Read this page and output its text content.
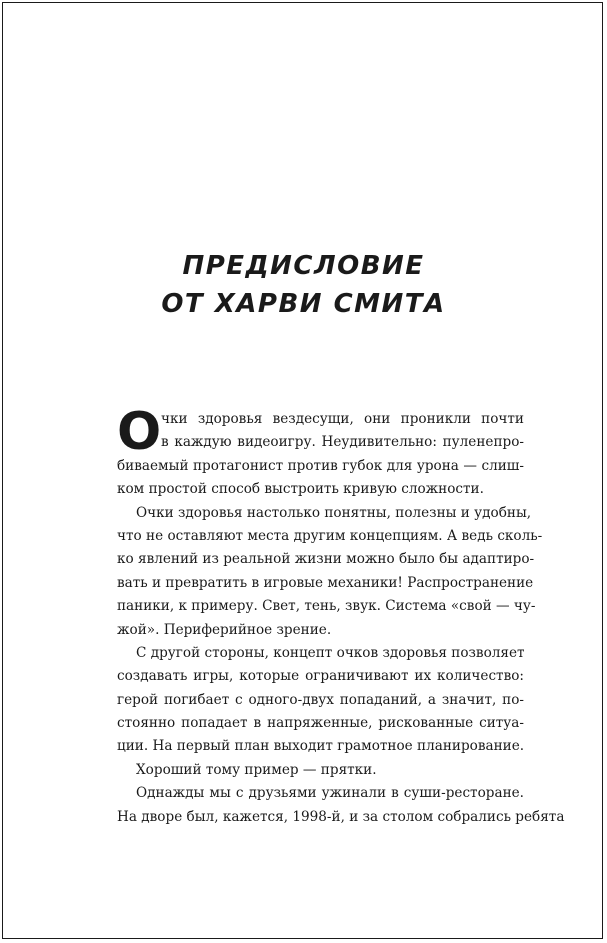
ПРЕДИСЛОВИЕ
ОТ ХАРВИ СМИТА
О чки здоровья вездесущи, они проникли почти
в каждую видеоигру. Неудивительно: пуленепро-
биваемый протагонист против губок для урона — слиш-
ком простой способ выстроить кривую сложности.
Очки здоровья настолько понятны, полезны и удобны,
что не оставляют места другим концепциям. А ведь сколь-
ко явлений из реальной жизни можно было бы адаптиро-
вать и превратить в игровые механики! Распространение
паники, к примеру. Свет, тень, звук. Система «свой — чу-
жой». Периферийное зрение.
С другой стороны, концепт очков здоровья позволяет
создавать игры, которые ограничивают их количество:
герой погибает с одного-двух попаданий, а значит, по-
стоянно попадает в напряженные, рискованные ситуа-
ции. На первый план выходит грамотное планирование.
Хороший тому пример — прятки.
Однажды мы с друзьями ужинали в суши-ресторане.
На дворе был, кажется, 1998-й, и за столом собрались ребята
